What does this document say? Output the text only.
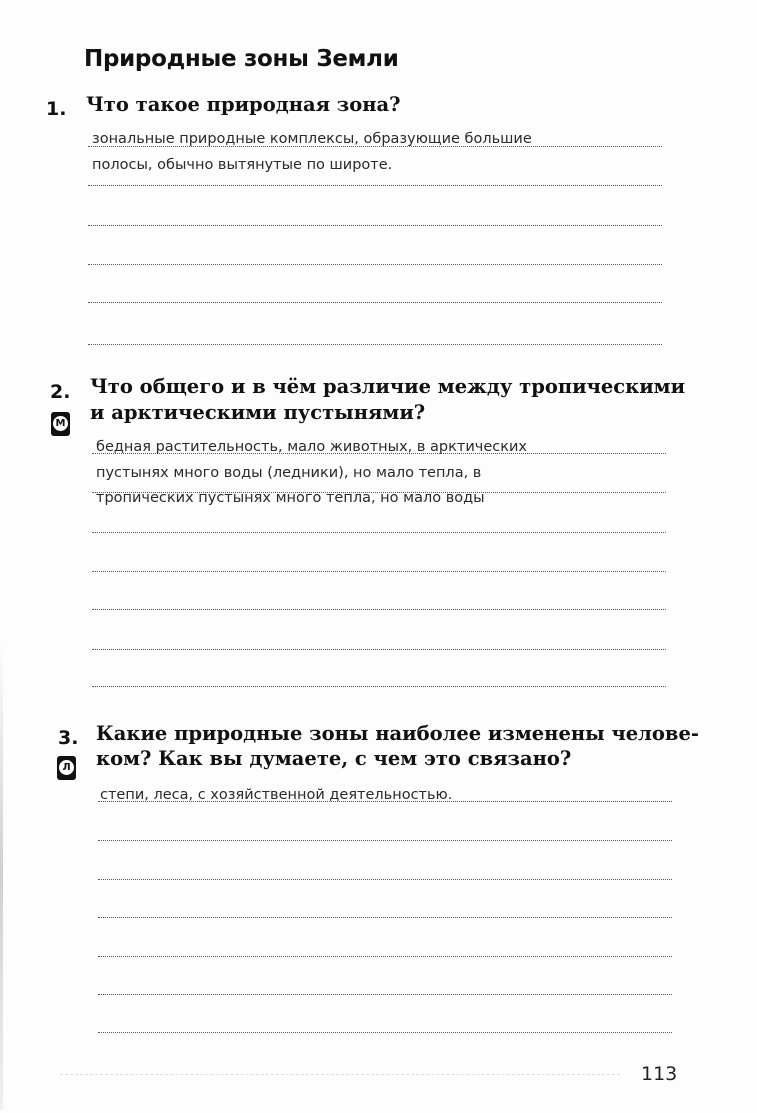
Природные зоны Земли
1. Что такое природная зона?
зональные природные комплексы, образующие большие
полосы, обычно вытянутые по широте.
2. Что общего и в чём различие между тропическими
и арктическими пустынями?
М
бедная растительность, мало животных, в арктических
пустынях много воды (ледники), но мало тепла, в
тропических пустынях много тепла, но мало воды
3. Какие природные зоны наиболее изменены челове-
ком? Как вы думаете, с чем это связано?
Л
степи, леса, с хозяйственной деятельностью.
113
